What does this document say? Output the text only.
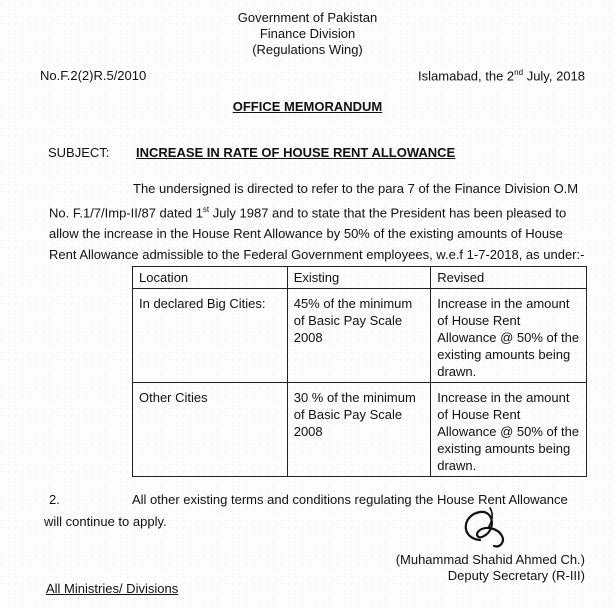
Government of Pakistan
Finance Division
(Regulations Wing)
No.F.2(2)R.5/2010	Islamabad, the 2nd July, 2018
OFFICE MEMORANDUM
SUBJECT: INCREASE IN RATE OF HOUSE RENT ALLOWANCE
The undersigned is directed to refer to the para 7 of the Finance Division O.M
No. F.1/7/Imp-II/87 dated 1st July 1987 and to state that the President has been pleased to
allow the increase in the House Rent Allowance by 50% of the existing amounts of House
Rent Allowance admissible to the Federal Government employees, w.e.f 1-7-2018, as under:-
Location	Existing	Revised
In declared Big Cities:	45% of the minimum of Basic Pay Scale 2008	Increase in the amount of House Rent Allowance @ 50% of the existing amounts being drawn.
Other Cities	30 % of the minimum of Basic Pay Scale 2008	Increase in the amount of House Rent Allowance @ 50% of the existing amounts being drawn.
2.	All other existing terms and conditions regulating the House Rent Allowance
will continue to apply.
(Muhammad Shahid Ahmed Ch.)
Deputy Secretary (R-III)
All Ministries/ Divisions
